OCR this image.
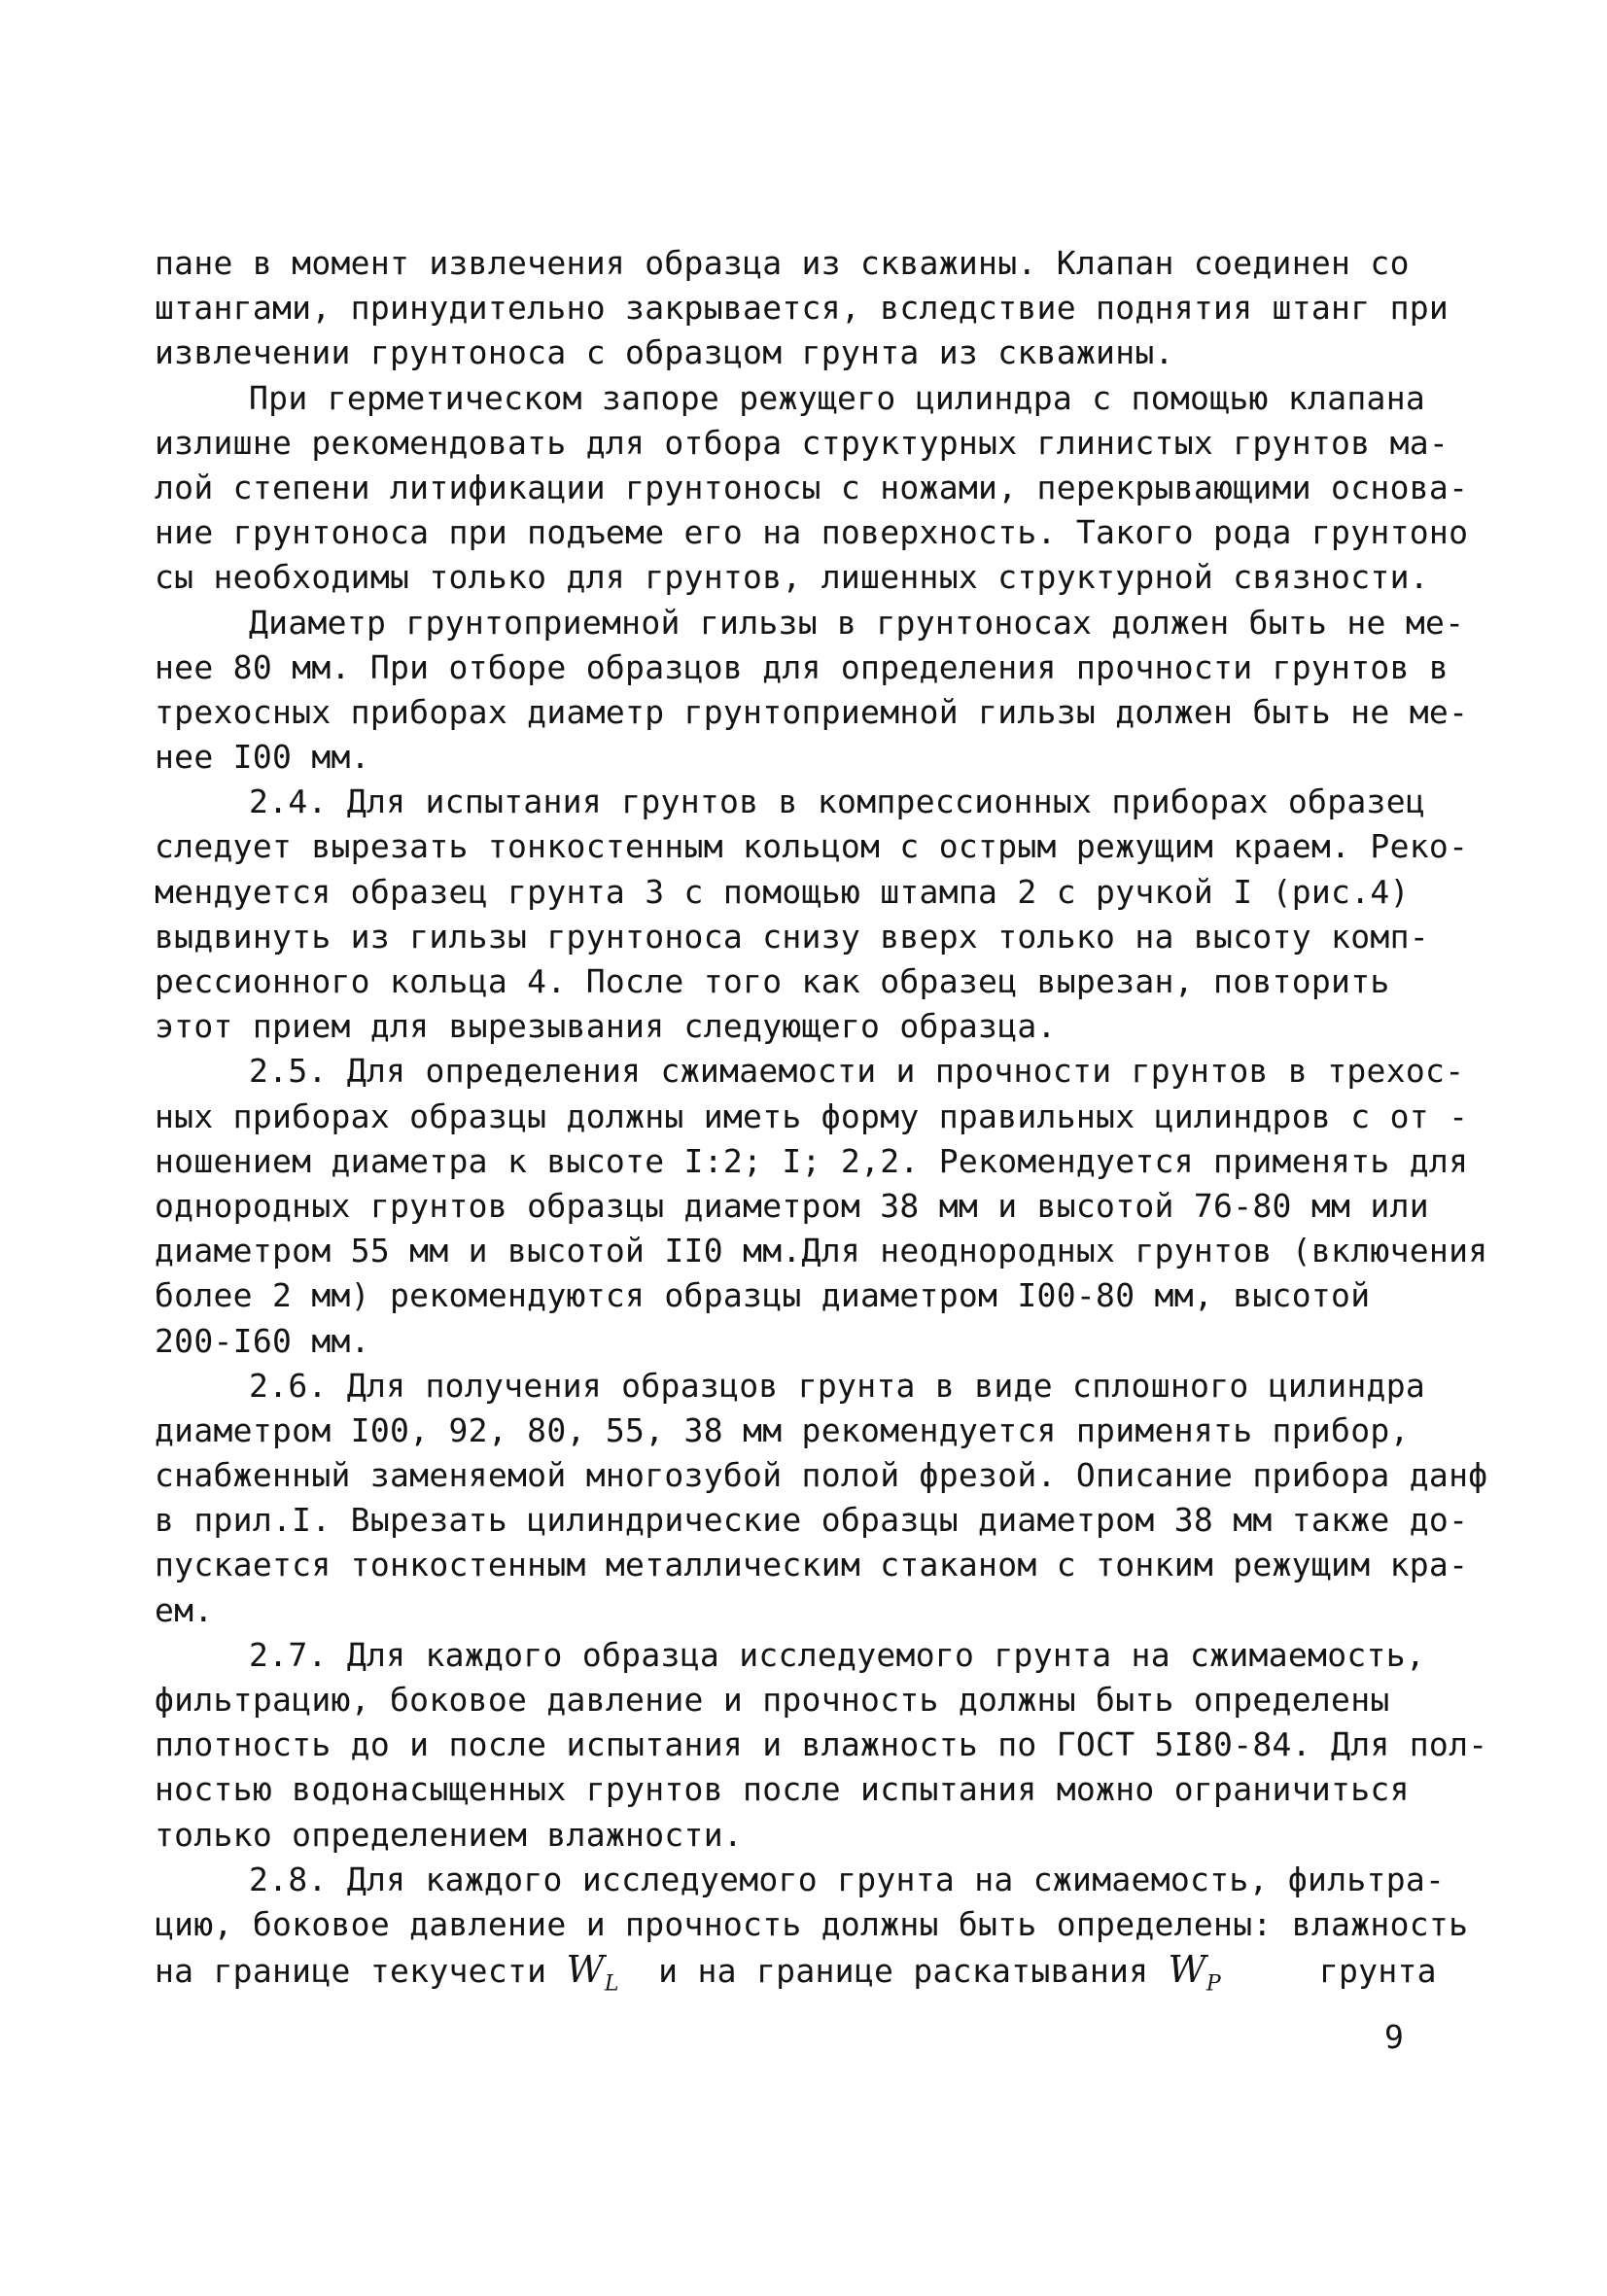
пане в момент извлечения образца из скважины. Клапан соединен со
штангами, принудительно закрывается, вследствие поднятия штанг при
извлечении грунтоноса с образцом грунта из скважины.
При герметическом запоре режущего цилиндра с помощью клапана
излишне рекомендовать для отбора структурных глинистых грунтов ма-
лой степени литификации грунтоносы с ножами, перекрывающими основа-
ние грунтоноса при подъеме его на поверхность. Такого рода грунтоно
сы необходимы только для грунтов, лишенных структурной связности.
Диаметр грунтоприемной гильзы в грунтоносах должен быть не ме-
нее 80 мм. При отборе образцов для определения прочности грунтов в
трехосных приборах диаметр грунтоприемной гильзы должен быть не ме-
нее I00 мм.
2.4. Для испытания грунтов в компрессионных приборах образец
следует вырезать тонкостенным кольцом с острым режущим краем. Реко-
мендуется образец грунта 3 с помощью штампа 2 с ручкой I (рис.4)
выдвинуть из гильзы грунтоноса снизу вверх только на высоту комп-
рессионного кольца 4. После того как образец вырезан, повторить
этот прием для вырезывания следующего образца.
2.5. Для определения сжимаемости и прочности грунтов в трехос-
ных приборах образцы должны иметь форму правильных цилиндров с от -
ношением диаметра к высоте I:2; I; 2,2. Рекомендуется применять для
однородных грунтов образцы диаметром 38 мм и высотой 76-80 мм или
диаметром 55 мм и высотой II0 мм.Для неоднородных грунтов (включения
более 2 мм) рекомендуются образцы диаметром I00-80 мм, высотой
200-I60 мм.
2.6. Для получения образцов грунта в виде сплошного цилиндра
диаметром I00, 92, 80, 55, 38 мм рекомендуется применять прибор,
снабженный заменяемой многозубой полой фрезой. Описание прибора данф
в прил.I. Вырезать цилиндрические образцы диаметром 38 мм также до-
пускается тонкостенным металлическим стаканом с тонким режущим кра-
ем.
2.7. Для каждого образца исследуемого грунта на сжимаемость,
фильтрацию, боковое давление и прочность должны быть определены
плотность до и после испытания и влажность по ГОСТ 5I80-84. Для пол-
ностью водонасыщенных грунтов после испытания можно ограничиться
только определением влажности.
2.8. Для каждого исследуемого грунта на сжимаемость, фильтра-
цию, боковое давление и прочность должны быть определены: влажность
на границе текучести $W_L$  и на границе раскатывания $W_P$     грунта
9
